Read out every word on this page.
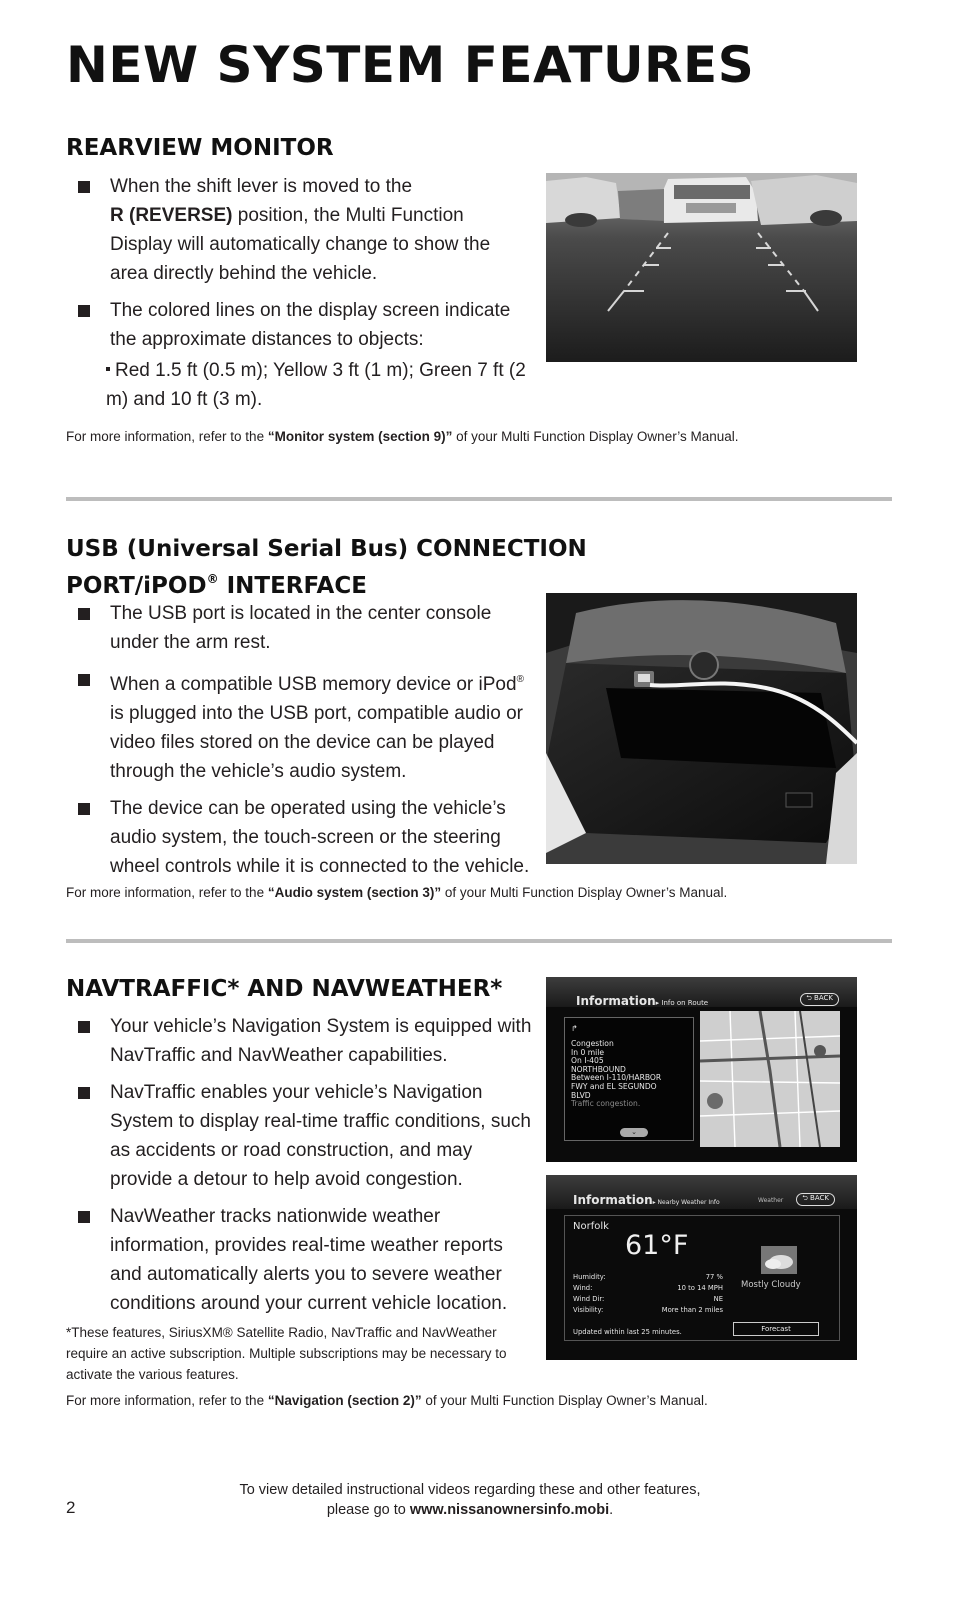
NEW SYSTEM FEATURES
REARVIEW MONITOR
When the shift lever is moved to the
R (REVERSE) position, the Multi Function Display will automatically change to show the area directly behind the vehicle.
The colored lines on the display screen indicate the approximate distances to objects:
Red 1.5 ft (0.5 m); Yellow 3 ft (1 m); Green 7 ft (2 m) and 10 ft (3 m).

For more information, refer to the “Monitor system (section 9)” of your Multi Function Display Owner’s Manual.

USB (Universal Serial Bus) CONNECTION
PORT/iPOD® INTERFACE
The USB port is located in the center console under the arm rest.
When a compatible USB memory device or iPod® is plugged into the USB port, compatible audio or video files stored on the device can be played through the vehicle’s audio system.
The device can be operated using the vehicle’s audio system, the touch-screen or the steering wheel controls while it is connected to the vehicle.

For more information, refer to the “Audio system (section 3)” of your Multi Function Display Owner’s Manual.

NAVTRAFFIC* AND NAVWEATHER*
Your vehicle’s Navigation System is equipped with NavTraffic and NavWeather capabilities.
NavTraffic enables your vehicle’s Navigation System to display real-time traffic conditions, such as accidents or road construction, and may provide a detour to help avoid congestion.
NavWeather tracks nationwide weather information, provides real-time weather reports and automatically alerts you to severe weather conditions around your current vehicle location.
Information▸ Info on Route
⮌ BACK
↱
Congestion
In 0 mile
On I-405
NORTHBOUND
Between I-110/HARBOR
FWY and EL SEGUNDO
BLVD
Traffic congestion.
⌄
Information▸ Nearby Weather Info	Weather	⮌ BACK
Norfolk
61°F
Mostly Cloudy
Humidity:	77 %
Wind:	10 to 14 MPH
Wind Dir:	NE
Visibility:	More than 2 miles
Updated within last 25 minutes.	Forecast

*These features, SiriusXM® Satellite Radio, NavTraffic and NavWeather require an active subscription. Multiple subscriptions may be necessary to activate the various features.

For more information, refer to the “Navigation (section 2)” of your Multi Function Display Owner’s Manual.

To view detailed instructional videos regarding these and other features,
please go to www.nissanownersinfo.mobi.
2
